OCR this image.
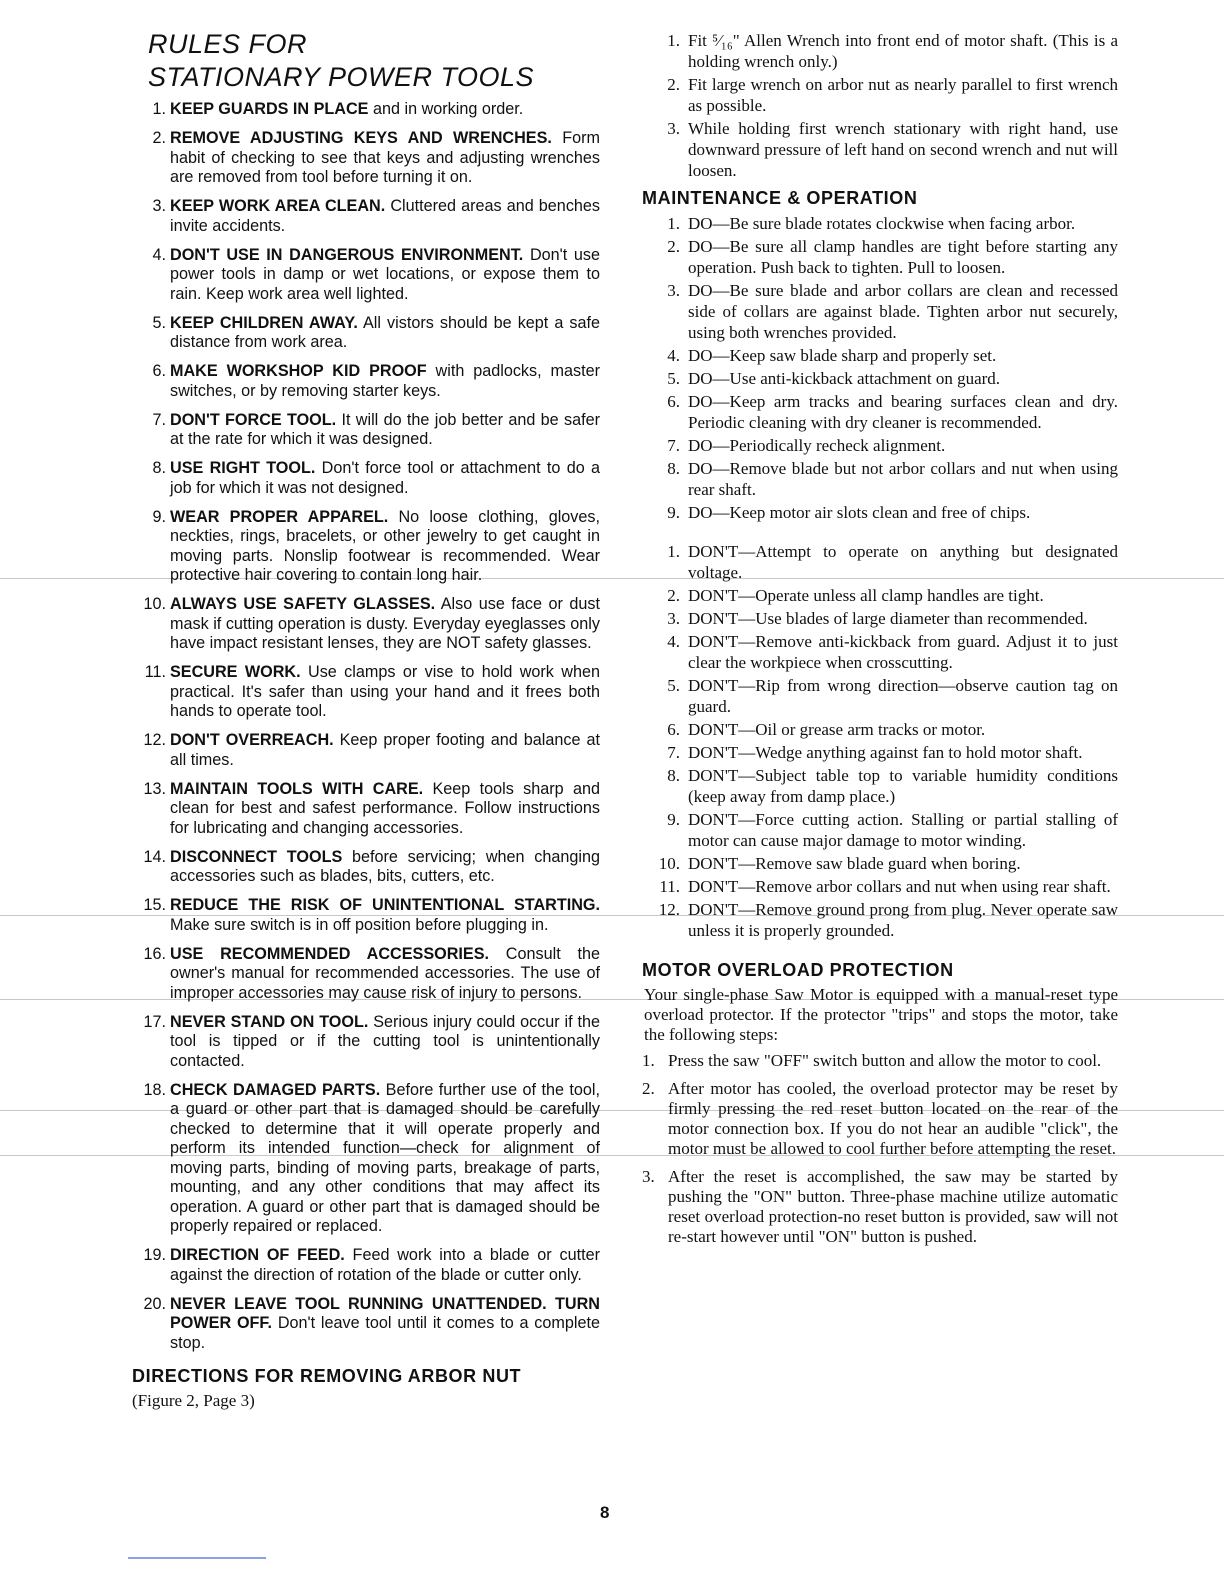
RULES FOR
STATIONARY POWER TOOLS
1. KEEP GUARDS IN PLACE and in working order.
2. REMOVE ADJUSTING KEYS AND WRENCHES. Form habit of checking to see that keys and adjusting wrenches are removed from tool before turning it on.
3. KEEP WORK AREA CLEAN. Cluttered areas and benches invite accidents.
4. DON'T USE IN DANGEROUS ENVIRONMENT. Don't use power tools in damp or wet locations, or expose them to rain. Keep work area well lighted.
5. KEEP CHILDREN AWAY. All vistors should be kept a safe distance from work area.
6. MAKE WORKSHOP KID PROOF with padlocks, master switches, or by removing starter keys.
7. DON'T FORCE TOOL. It will do the job better and be safer at the rate for which it was designed.
8. USE RIGHT TOOL. Don't force tool or attachment to do a job for which it was not designed.
9. WEAR PROPER APPAREL. No loose clothing, gloves, neckties, rings, bracelets, or other jewelry to get caught in moving parts. Nonslip footwear is recommended. Wear protective hair covering to contain long hair.
10. ALWAYS USE SAFETY GLASSES. Also use face or dust mask if cutting operation is dusty. Everyday eyeglasses only have impact resistant lenses, they are NOT safety glasses.
11. SECURE WORK. Use clamps or vise to hold work when practical. It's safer than using your hand and it frees both hands to operate tool.
12. DON'T OVERREACH. Keep proper footing and balance at all times.
13. MAINTAIN TOOLS WITH CARE. Keep tools sharp and clean for best and safest performance. Follow instructions for lubricating and changing accessories.
14. DISCONNECT TOOLS before servicing; when changing accessories such as blades, bits, cutters, etc.
15. REDUCE THE RISK OF UNINTENTIONAL STARTING. Make sure switch is in off position before plugging in.
16. USE RECOMMENDED ACCESSORIES. Consult the owner's manual for recommended accessories. The use of improper accessories may cause risk of injury to persons.
17. NEVER STAND ON TOOL. Serious injury could occur if the tool is tipped or if the cutting tool is unintentionally contacted.
18. CHECK DAMAGED PARTS. Before further use of the tool, a guard or other part that is damaged should be carefully checked to determine that it will operate properly and perform its intended function—check for alignment of moving parts, binding of moving parts, breakage of parts, mounting, and any other conditions that may affect its operation. A guard or other part that is damaged should be properly repaired or replaced.
19. DIRECTION OF FEED. Feed work into a blade or cutter against the direction of rotation of the blade or cutter only.
20. NEVER LEAVE TOOL RUNNING UNATTENDED. TURN POWER OFF. Don't leave tool until it comes to a complete stop.
DIRECTIONS FOR REMOVING ARBOR NUT
(Figure 2, Page 3)
8
1. Fit ⁵⁄₁₆" Allen Wrench into front end of motor shaft. (This is a holding wrench only.)
2. Fit large wrench on arbor nut as nearly parallel to first wrench as possible.
3. While holding first wrench stationary with right hand, use downward pressure of left hand on second wrench and nut will loosen.
MAINTENANCE & OPERATION
1. DO—Be sure blade rotates clockwise when facing arbor.
2. DO—Be sure all clamp handles are tight before starting any operation. Push back to tighten. Pull to loosen.
3. DO—Be sure blade and arbor collars are clean and recessed side of collars are against blade. Tighten arbor nut securely, using both wrenches provided.
4. DO—Keep saw blade sharp and properly set.
5. DO—Use anti-kickback attachment on guard.
6. DO—Keep arm tracks and bearing surfaces clean and dry. Periodic cleaning with dry cleaner is recommended.
7. DO—Periodically recheck alignment.
8. DO—Remove blade but not arbor collars and nut when using rear shaft.
9. DO—Keep motor air slots clean and free of chips.
1. DON'T—Attempt to operate on anything but designated voltage.
2. DON'T—Operate unless all clamp handles are tight.
3. DON'T—Use blades of large diameter than recommended.
4. DON'T—Remove anti-kickback from guard. Adjust it to just clear the workpiece when crosscutting.
5. DON'T—Rip from wrong direction—observe caution tag on guard.
6. DON'T—Oil or grease arm tracks or motor.
7. DON'T—Wedge anything against fan to hold motor shaft.
8. DON'T—Subject table top to variable humidity conditions (keep away from damp place.)
9. DON'T—Force cutting action. Stalling or partial stalling of motor can cause major damage to motor winding.
10. DON'T—Remove saw blade guard when boring.
11. DON'T—Remove arbor collars and nut when using rear shaft.
12. DON'T—Remove ground prong from plug. Never operate saw unless it is properly grounded.
MOTOR OVERLOAD PROTECTION
Your single-phase Saw Motor is equipped with a manual-reset type overload protector. If the protector "trips" and stops the motor, take the following steps:
1. Press the saw "OFF" switch button and allow the motor to cool.
2. After motor has cooled, the overload protector may be reset by firmly pressing the red reset button located on the rear of the motor connection box. If you do not hear an audible "click", the motor must be allowed to cool further before attempting the reset.
3. After the reset is accomplished, the saw may be started by pushing the "ON" button. Three-phase machine utilize automatic reset overload protection-no reset button is provided, saw will not re-start however until "ON" button is pushed.
